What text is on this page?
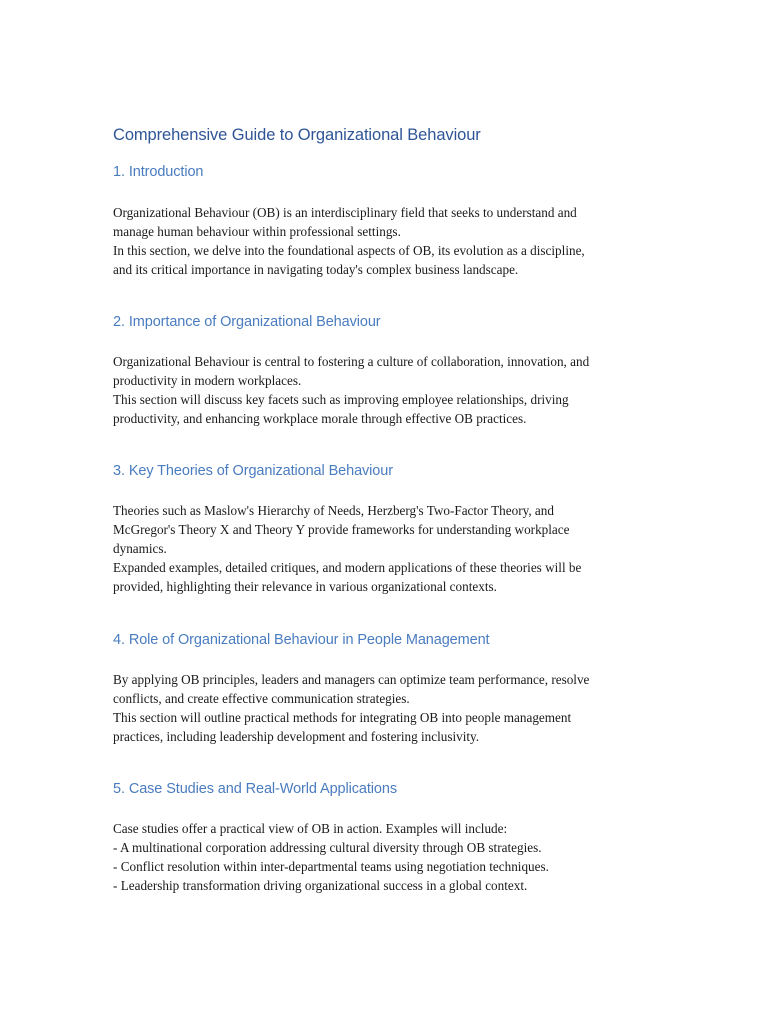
Comprehensive Guide to Organizational Behaviour
1. Introduction

Organizational Behaviour (OB) is an interdisciplinary field that seeks to understand and
manage human behaviour within professional settings.
In this section, we delve into the foundational aspects of OB, its evolution as a discipline,
and its critical importance in navigating today's complex business landscape.

2. Importance of Organizational Behaviour

Organizational Behaviour is central to fostering a culture of collaboration, innovation, and
productivity in modern workplaces.
This section will discuss key facets such as improving employee relationships, driving
productivity, and enhancing workplace morale through effective OB practices.

3. Key Theories of Organizational Behaviour

Theories such as Maslow's Hierarchy of Needs, Herzberg's Two-Factor Theory, and
McGregor's Theory X and Theory Y provide frameworks for understanding workplace
dynamics.
Expanded examples, detailed critiques, and modern applications of these theories will be
provided, highlighting their relevance in various organizational contexts.

4. Role of Organizational Behaviour in People Management

By applying OB principles, leaders and managers can optimize team performance, resolve
conflicts, and create effective communication strategies.
This section will outline practical methods for integrating OB into people management
practices, including leadership development and fostering inclusivity.

5. Case Studies and Real-World Applications

Case studies offer a practical view of OB in action. Examples will include:
- A multinational corporation addressing cultural diversity through OB strategies.
- Conflict resolution within inter-departmental teams using negotiation techniques.
- Leadership transformation driving organizational success in a global context.
